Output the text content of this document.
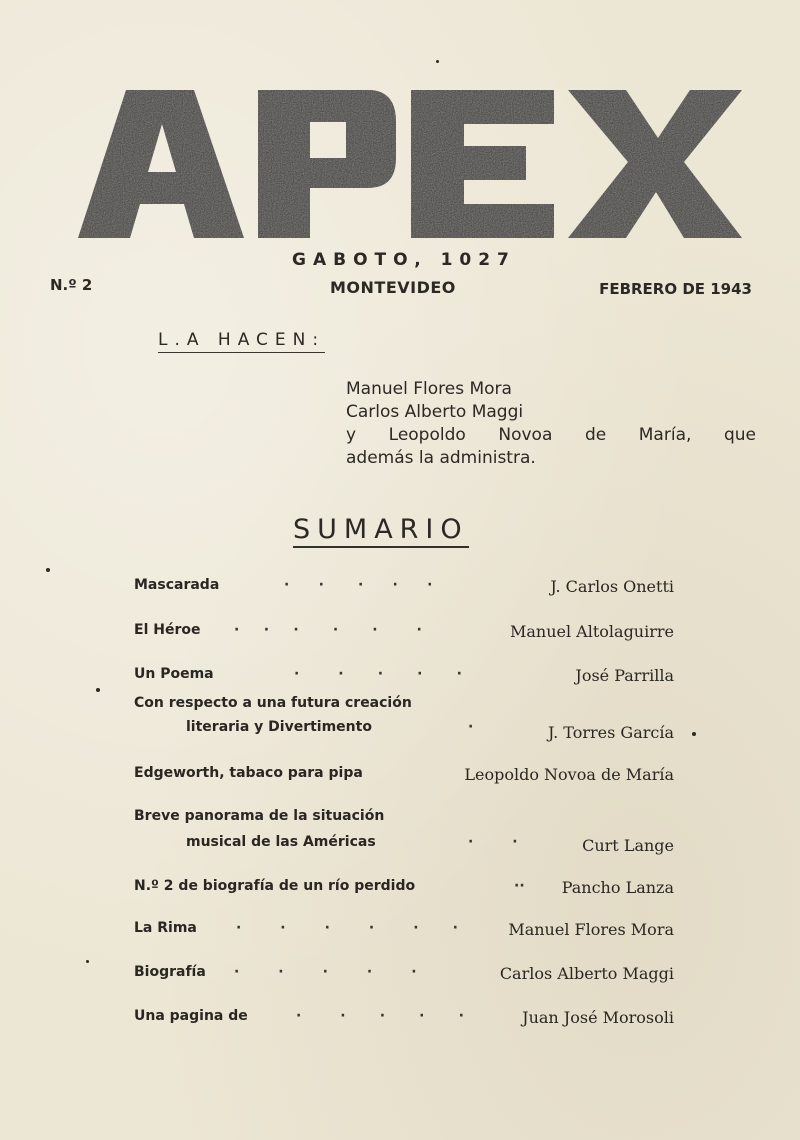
GABOTO, 1027
N.º 2	MONTEVIDEO	FEBRERO DE 1943
L.A HACEN:
Manuel Flores Mora
Carlos Alberto Maggi
y Leopoldo Novoa de María, que
además la administra.
SUMARIO
Mascarada	·      ·       ·      ·      ·	J. Carlos Onetti
El Héroe ·     ·     ·       ·       ·        ·	Manuel Altolaguirre
Un Poema	·        ·       ·       ·       ·	José Parrilla
Con respecto a una futura creación
literaria y Divertimento	·	J. Torres García
Edgeworth, tabaco para pipa	Leopoldo Novoa de María
Breve panorama de la situación
musical de las Américas	·        ·	Curt Lange
N.º 2 de biografía de un río perdido	·· Pancho Lanza
La Rima	·        ·        ·        ·        ·       ·	Manuel Flores Mora
Biografía ·        ·        ·        ·        ·	Carlos Alberto Maggi
Una pagina de	·        ·       ·       ·       ·	Juan José Morosoli
